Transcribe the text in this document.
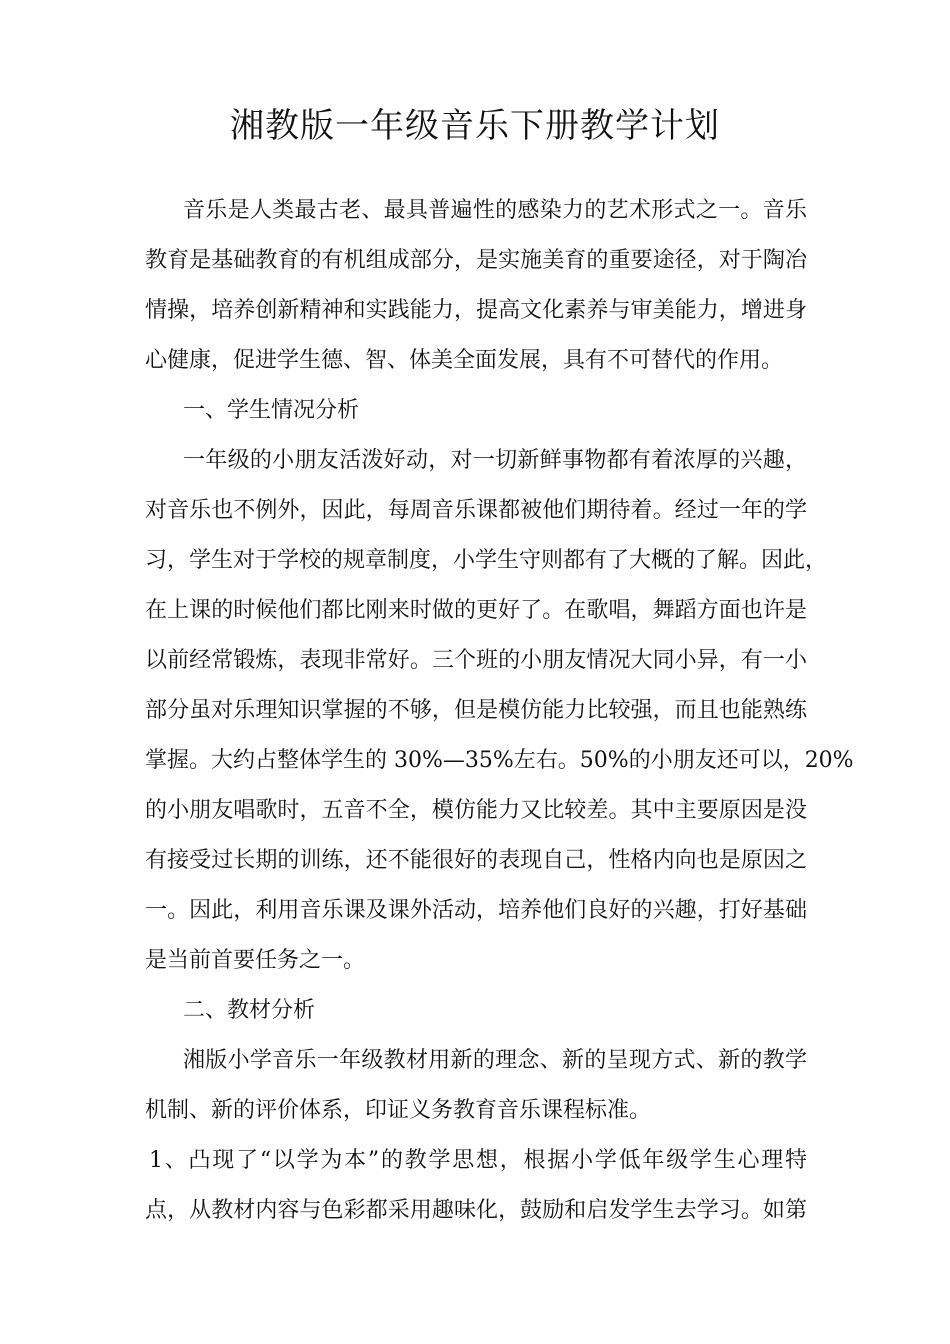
湘教版一年级音乐下册教学计划
音乐是人类最古老、最具普遍性的感染力的艺术形式之一。音乐
教育是基础教育的有机组成部分，是实施美育的重要途径，对于陶冶
情操，培养创新精神和实践能力，提高文化素养与审美能力，增进身
心健康，促进学生德、智、体美全面发展，具有不可替代的作用。
一、学生情况分析
一年级的小朋友活泼好动，对一切新鲜事物都有着浓厚的兴趣，
对音乐也不例外，因此，每周音乐课都被他们期待着。经过一年的学
习，学生对于学校的规章制度，小学生守则都有了大概的了解。因此，
在上课的时候他们都比刚来时做的更好了。在歌唱，舞蹈方面也许是
以前经常锻炼，表现非常好。三个班的小朋友情况大同小异，有一小
部分虽对乐理知识掌握的不够，但是模仿能力比较强，而且也能熟练
掌握。大约占整体学生的 30%—35%左右。50%的小朋友还可以，20%
的小朋友唱歌时，五音不全，模仿能力又比较差。其中主要原因是没
有接受过长期的训练，还不能很好的表现自己，性格内向也是原因之
一。因此，利用音乐课及课外活动，培养他们良好的兴趣，打好基础
是当前首要任务之一。
二、教材分析
湘版小学音乐一年级教材用新的理念、新的呈现方式、新的教学
机制、新的评价体系，印证义务教育音乐课程标准。
1、凸现了“以学为本”的教学思想，根据小学低年级学生心理特
点，从教材内容与色彩都采用趣味化，鼓励和启发学生去学习。如第
